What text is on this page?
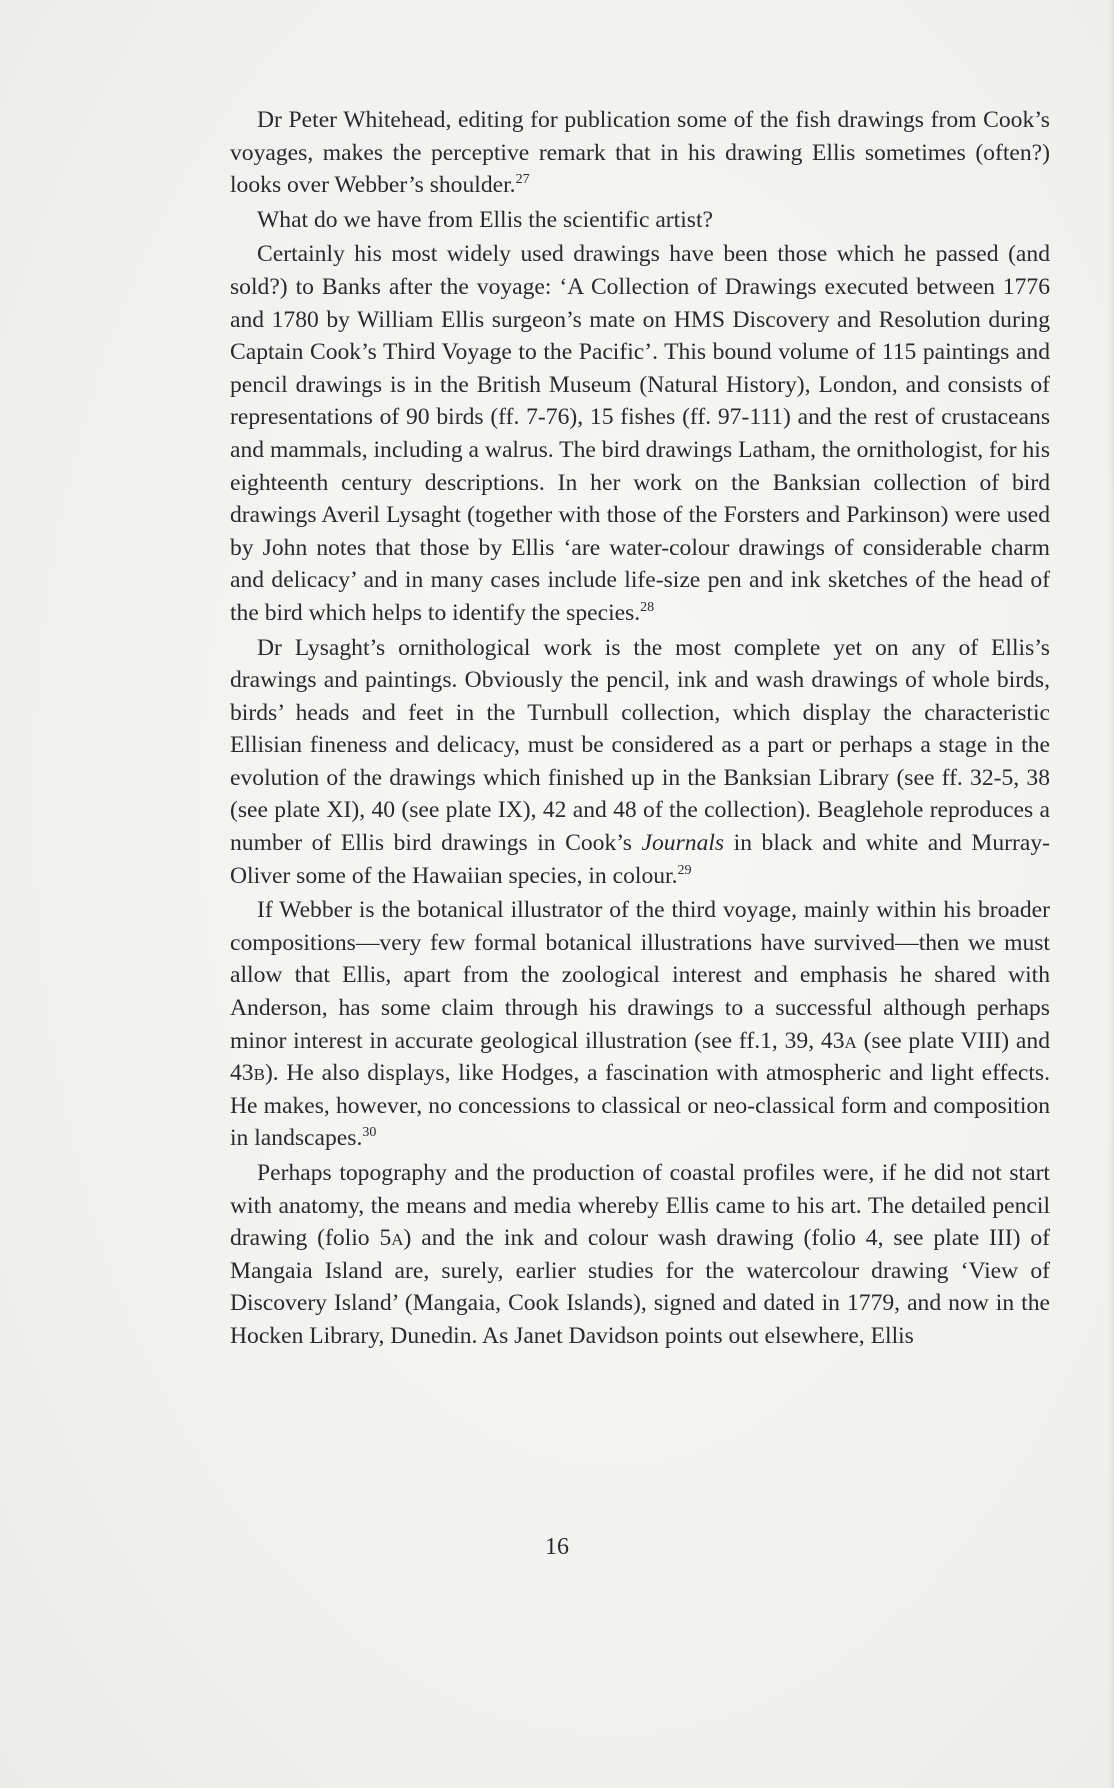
Dr Peter Whitehead, editing for publication some of the fish drawings from Cook’s voyages, makes the perceptive remark that in his drawing Ellis sometimes (often?) looks over Webber’s shoulder.$^{27}$

What do we have from Ellis the scientific artist?

Certainly his most widely used drawings have been those which he passed (and sold?) to Banks after the voyage: ‘A Collection of Drawings executed between 1776 and 1780 by William Ellis surgeon’s mate on HMS Discovery and Resolution during Captain Cook’s Third Voyage to the Pacific’. This bound volume of 115 paintings and pencil drawings is in the British Museum (Natural History), London, and consists of representations of 90 birds (ff. 7-76), 15 fishes (ff. 97-111) and the rest of crustaceans and mammals, including a walrus. The bird drawings Latham, the ornithologist, for his eighteenth century descriptions. In her work on the Banksian collection of bird drawings Averil Lysaght (together with those of the Forsters and Parkinson) were used by John notes that those by Ellis ‘are water-colour drawings of considerable charm and delicacy’ and in many cases include life-size pen and ink sketches of the head of the bird which helps to identify the species.$^{28}$

Dr Lysaght’s ornithological work is the most complete yet on any of Ellis’s drawings and paintings. Obviously the pencil, ink and wash drawings of whole birds, birds’ heads and feet in the Turnbull collection, which display the characteristic Ellisian fineness and delicacy, must be considered as a part or perhaps a stage in the evolution of the drawings which finished up in the Banksian Library (see ff. 32-5, 38 (see plate XI), 40 (see plate IX), 42 and 48 of the collection). Beaglehole reproduces a number of Ellis bird drawings in Cook’s Journals in black and white and Murray-Oliver some of the Hawaiian species, in colour.$^{29}$

If Webber is the botanical illustrator of the third voyage, mainly within his broader compositions—very few formal botanical illustrations have survived—then we must allow that Ellis, apart from the zoological interest and emphasis he shared with Anderson, has some claim through his drawings to a successful although perhaps minor interest in accurate geological illustration (see ff.1, 39, 43a (see plate VIII) and 43b). He also displays, like Hodges, a fascination with atmospheric and light effects. He makes, however, no concessions to classical or neo-classical form and composition in landscapes.$^{30}$

Perhaps topography and the production of coastal profiles were, if he did not start with anatomy, the means and media whereby Ellis came to his art. The detailed pencil drawing (folio 5a) and the ink and colour wash drawing (folio 4, see plate III) of Mangaia Island are, surely, earlier studies for the watercolour drawing ‘View of Discovery Island’ (Mangaia, Cook Islands), signed and dated in 1779, and now in the Hocken Library, Dunedin. As Janet Davidson points out elsewhere, Ellis

16
